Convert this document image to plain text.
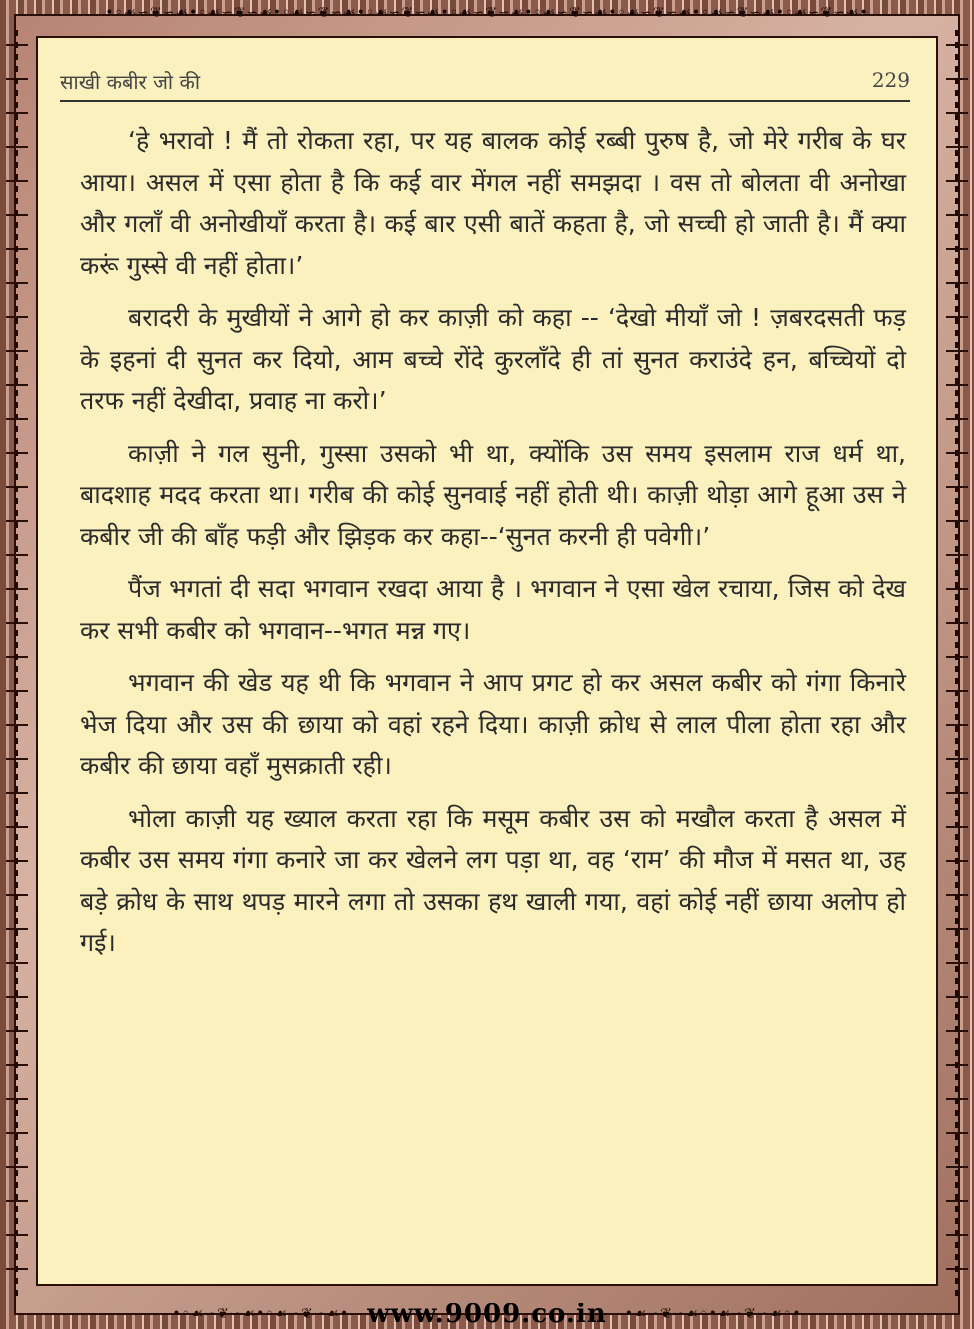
•◦☙∽❦∽☙•◦☙∽❦∽☙•◦☙∽❦∽☙•◦☙∽❦∽☙•◦☙∽❦∽☙•◦☙∽❦∽☙•◦☙∽❦∽☙•◦☙∽❦∽☙•◦☙∽❦∽☙•
साखी कबीर जो की	229

‘हे भरावो ! मैं तो रोकता रहा, पर यह बालक कोई रब्बी पुरुष है, जो मेरे गरीब के घर आया। असल में एसा होता है कि कई वार मेंगल नहीं समझदा । वस तो बोलता वी अनोखा और गलाँ वी अनोखीयाँ करता है। कई बार एसी बातें कहता है, जो सच्ची हो जाती है। मैं क्या करूं गुस्से वी नहीं होता।’

बरादरी के मुखीयों ने आगे हो कर काज़ी को कहा -- ‘देखो मीयाँ जो ! ज़बरदसती फड़ के इहनां दी सुनत कर दियो, आम बच्चे रोंदे कुरलाँदे ही तां सुनत कराउंदे हन, बच्चियों दो तरफ नहीं देखीदा, प्रवाह ना करो।’

काज़ी ने गल सुनी, गुस्सा उसको भी था, क्योंकि उस समय इसलाम राज धर्म था, बादशाह मदद करता था। गरीब की कोई सुनवाई नहीं होती थी। काज़ी थोड़ा आगे हूआ उस ने कबीर जी की बाँह फड़ी और झिड़क कर कहा--‘सुनत करनी ही पवेगी।’

पैंज भगतां दी सदा भगवान रखदा आया है । भगवान ने एसा खेल रचाया, जिस को देख कर सभी कबीर को भगवान--भगत मन्न गए।

भगवान की खेड यह थी कि भगवान ने आप प्रगट हो कर असल कबीर को गंगा किनारे भेज दिया और उस की छाया को वहां रहने दिया। काज़ी क्रोध से लाल पीला होता रहा और कबीर की छाया वहाँ मुसक्राती रही।

भोला काज़ी यह ख्याल करता रहा कि मसूम कबीर उस को मखौल करता है असल में कबीर उस समय गंगा कनारे जा कर खेलने लग पड़ा था, वह ‘राम’ की मौज में मसत था, उह बड़े क्रोध के साथ थपड़ मारने लगा तो उसका हथ खाली गया, वहां कोई नहीं छाया अलोप हो गई।

•◦☙∽❦∽☙•◦☙∽❦∽☙• www.9009.co.in •☙∽❦∽☙◦•☙∽❦∽☙◦•
